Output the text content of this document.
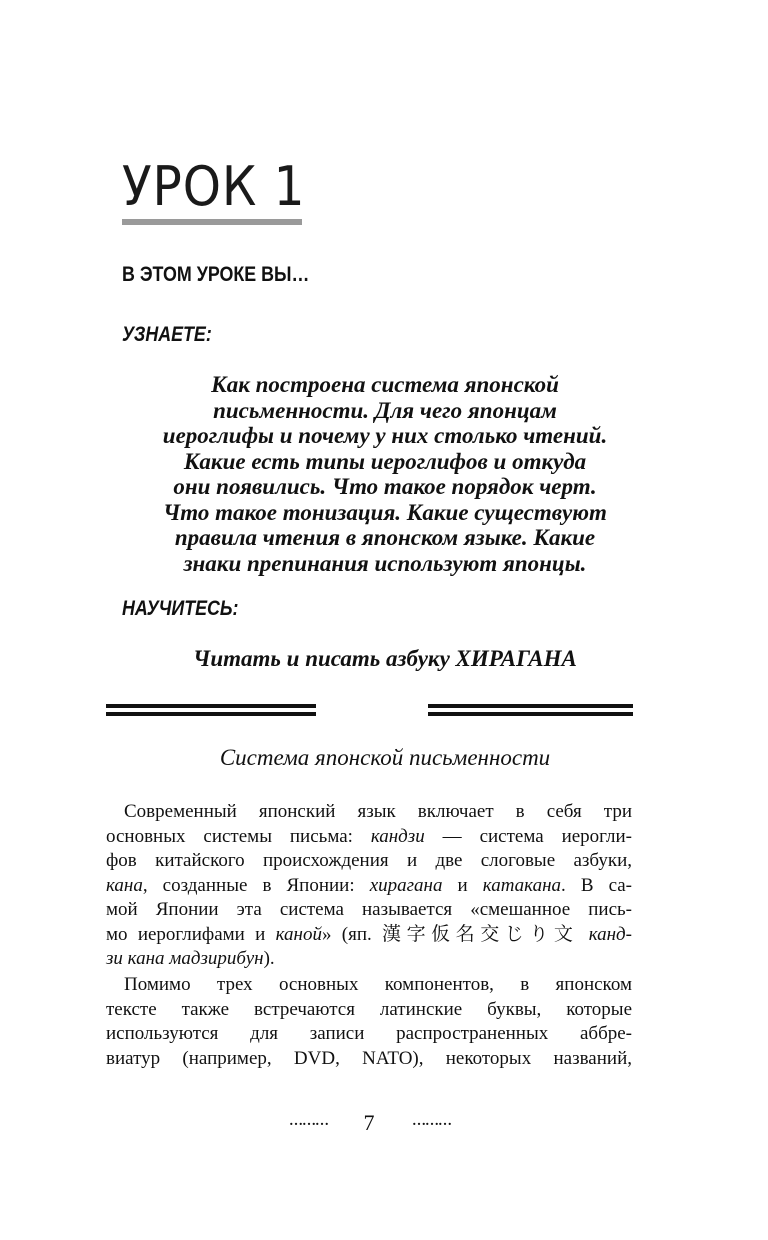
УРОК 1
В ЭТОМ УРОКЕ ВЫ…
УЗНАЕТЕ:

Как построена система японской
письменности. Для чего японцам
иероглифы и почему у них столько чтений.
Какие есть типы иероглифов и откуда
они появились. Что такое порядок черт.
Что такое тонизация. Какие существуют
правила чтения в японском языке. Какие
знаки препинания используют японцы.

НАУЧИТЕСЬ:

Читать и писать азбуку ХИРАГАНА

Система японской письменности

Современный японский язык включает в себя три
основных системы письма: кандзи — система иерогли-
фов китайского происхождения и две слоговые азбуки,
кана, созданные в Японии: хирагана и катакана. В са-
мой Японии эта система называется «смешанное пись-
мо иероглифами и каной» (яп. 漢字仮名交じり文 канд-
зи кана мадзирибун).

Помимо трех основных компонентов, в японском
тексте также встречаются латинские буквы, которые
используются для записи распространенных аббре-
виатур (например, DVD, NATO), некоторых названий,

……… 7	………
